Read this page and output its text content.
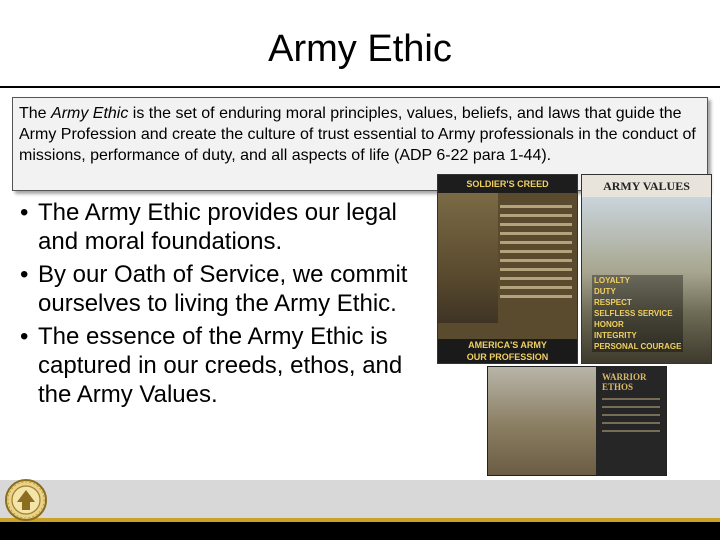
Army Ethic
The Army Ethic is the set of enduring moral principles, values, beliefs, and laws that guide the Army Profession and create the culture of trust essential to Army professionals in the conduct of missions, performance of duty, and all aspects of life (ADP 6-22 para 1-44).
• The Army Ethic provides our legal and moral foundations.
• By our Oath of Service, we commit ourselves to living the Army Ethic.
• The essence of the Army Ethic is captured in our creeds, ethos, and the Army Values.
SOLDIER'S CREED
AMERICA'S ARMY
OUR PROFESSION
ARMY VALUES
LOYALTY
DUTY
RESPECT
SELFLESS SERVICE
HONOR
INTEGRITY
PERSONAL COURAGE
WARRIOR
ETHOS
